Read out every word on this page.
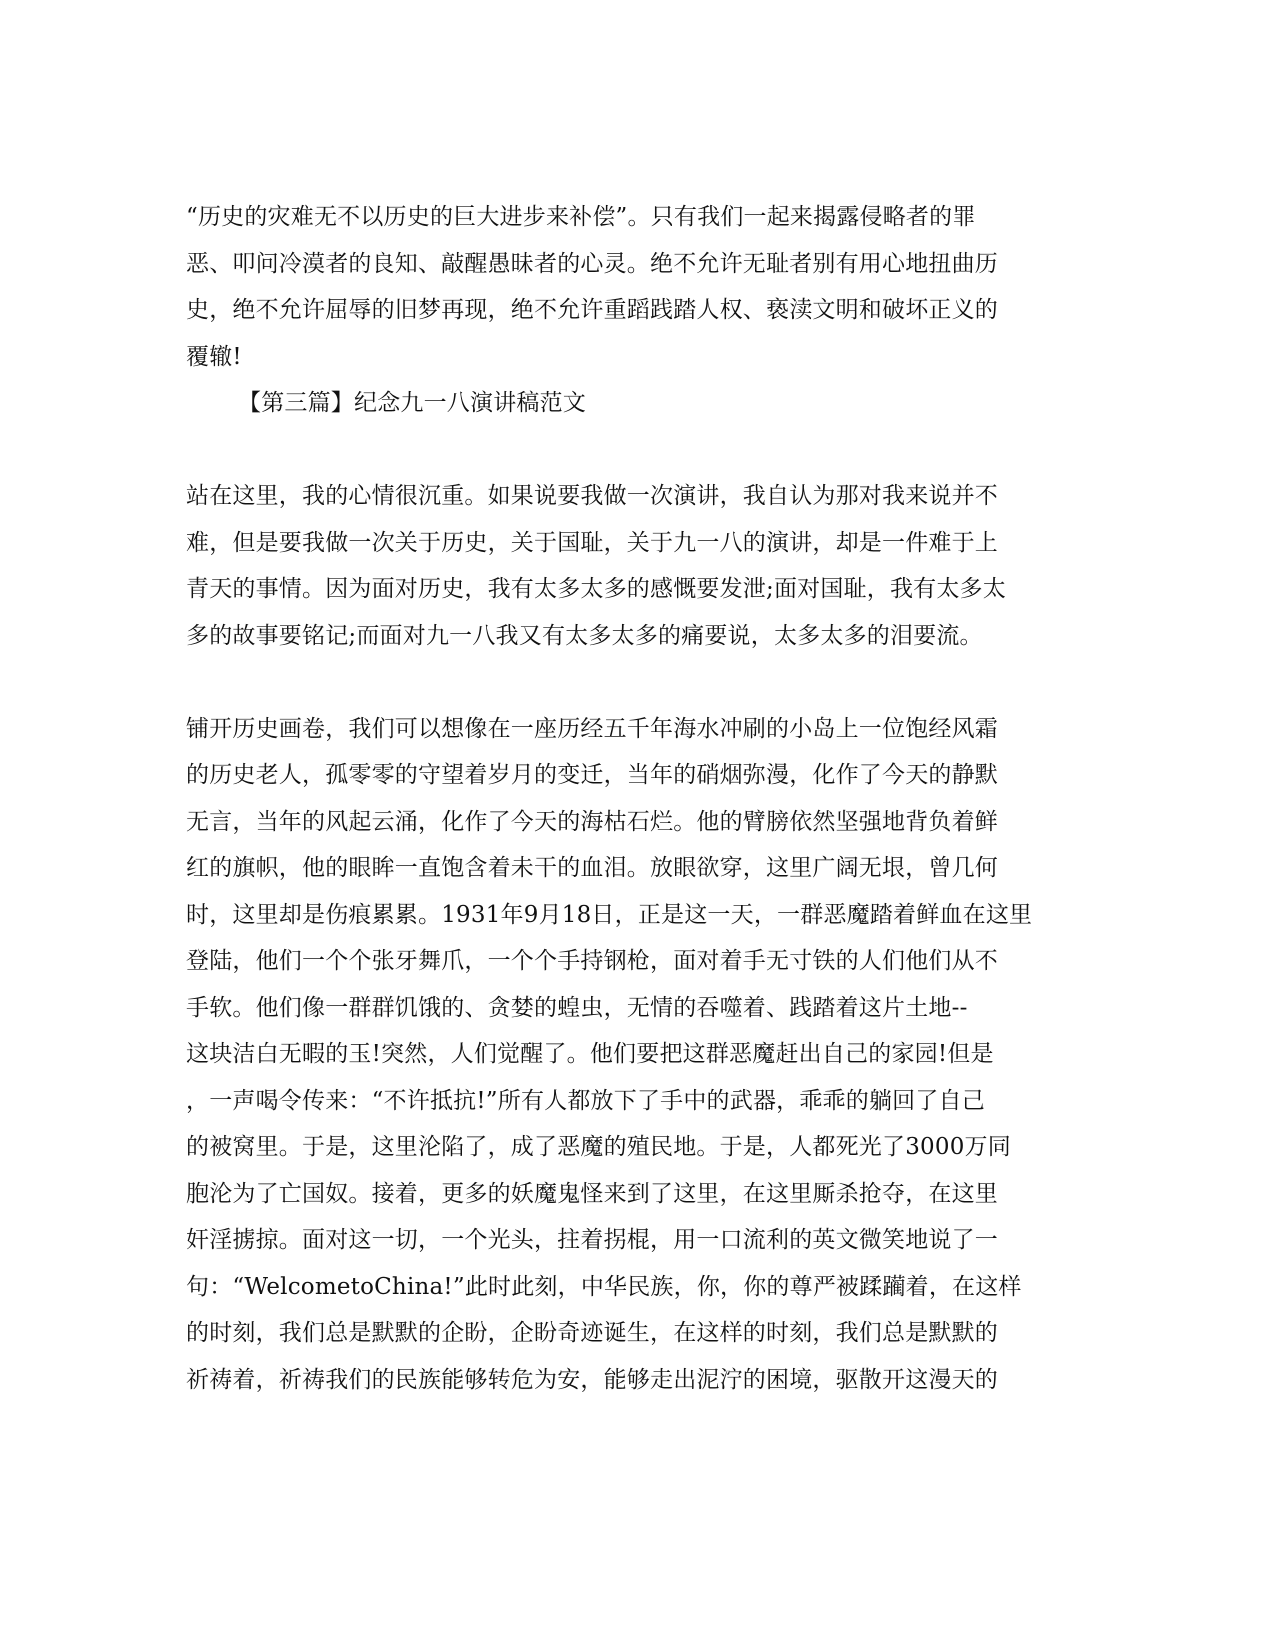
“历史的灾难无不以历史的巨大进步来补偿”。只有我们一起来揭露侵略者的罪
恶、叩问冷漠者的良知、敲醒愚昧者的心灵。绝不允许无耻者别有用心地扭曲历
史，绝不允许屈辱的旧梦再现，绝不允许重蹈践踏人权、亵渎文明和破坏正义的
覆辙!
【第三篇】纪念九一八演讲稿范文
站在这里，我的心情很沉重。如果说要我做一次演讲，我自认为那对我来说并不
难，但是要我做一次关于历史，关于国耻，关于九一八的演讲，却是一件难于上
青天的事情。因为面对历史，我有太多太多的感慨要发泄;面对国耻，我有太多太
多的故事要铭记;而面对九一八我又有太多太多的痛要说，太多太多的泪要流。
铺开历史画卷，我们可以想像在一座历经五千年海水冲刷的小岛上一位饱经风霜
的历史老人，孤零零的守望着岁月的变迁，当年的硝烟弥漫，化作了今天的静默
无言，当年的风起云涌，化作了今天的海枯石烂。他的臂膀依然坚强地背负着鲜
红的旗帜，他的眼眸一直饱含着未干的血泪。放眼欲穿，这里广阔无垠，曾几何
时，这里却是伤痕累累。1931年9月18日，正是这一天，一群恶魔踏着鲜血在这里
登陆，他们一个个张牙舞爪，一个个手持钢枪，面对着手无寸铁的人们他们从不
手软。他们像一群群饥饿的、贪婪的蝗虫，无情的吞噬着、践踏着这片土地--
这块洁白无暇的玉!突然，人们觉醒了。他们要把这群恶魔赶出自己的家园!但是
，一声喝令传来：“不许抵抗!”所有人都放下了手中的武器，乖乖的躺回了自己
的被窝里。于是，这里沦陷了，成了恶魔的殖民地。于是，人都死光了3000万同
胞沦为了亡国奴。接着，更多的妖魔鬼怪来到了这里，在这里厮杀抢夺，在这里
奸淫掳掠。面对这一切，一个光头，拄着拐棍，用一口流利的英文微笑地说了一
句：“WelcometoChina!”此时此刻，中华民族，你，你的尊严被蹂躏着，在这样
的时刻，我们总是默默的企盼，企盼奇迹诞生，在这样的时刻，我们总是默默的
祈祷着，祈祷我们的民族能够转危为安，能够走出泥泞的困境，驱散开这漫天的
